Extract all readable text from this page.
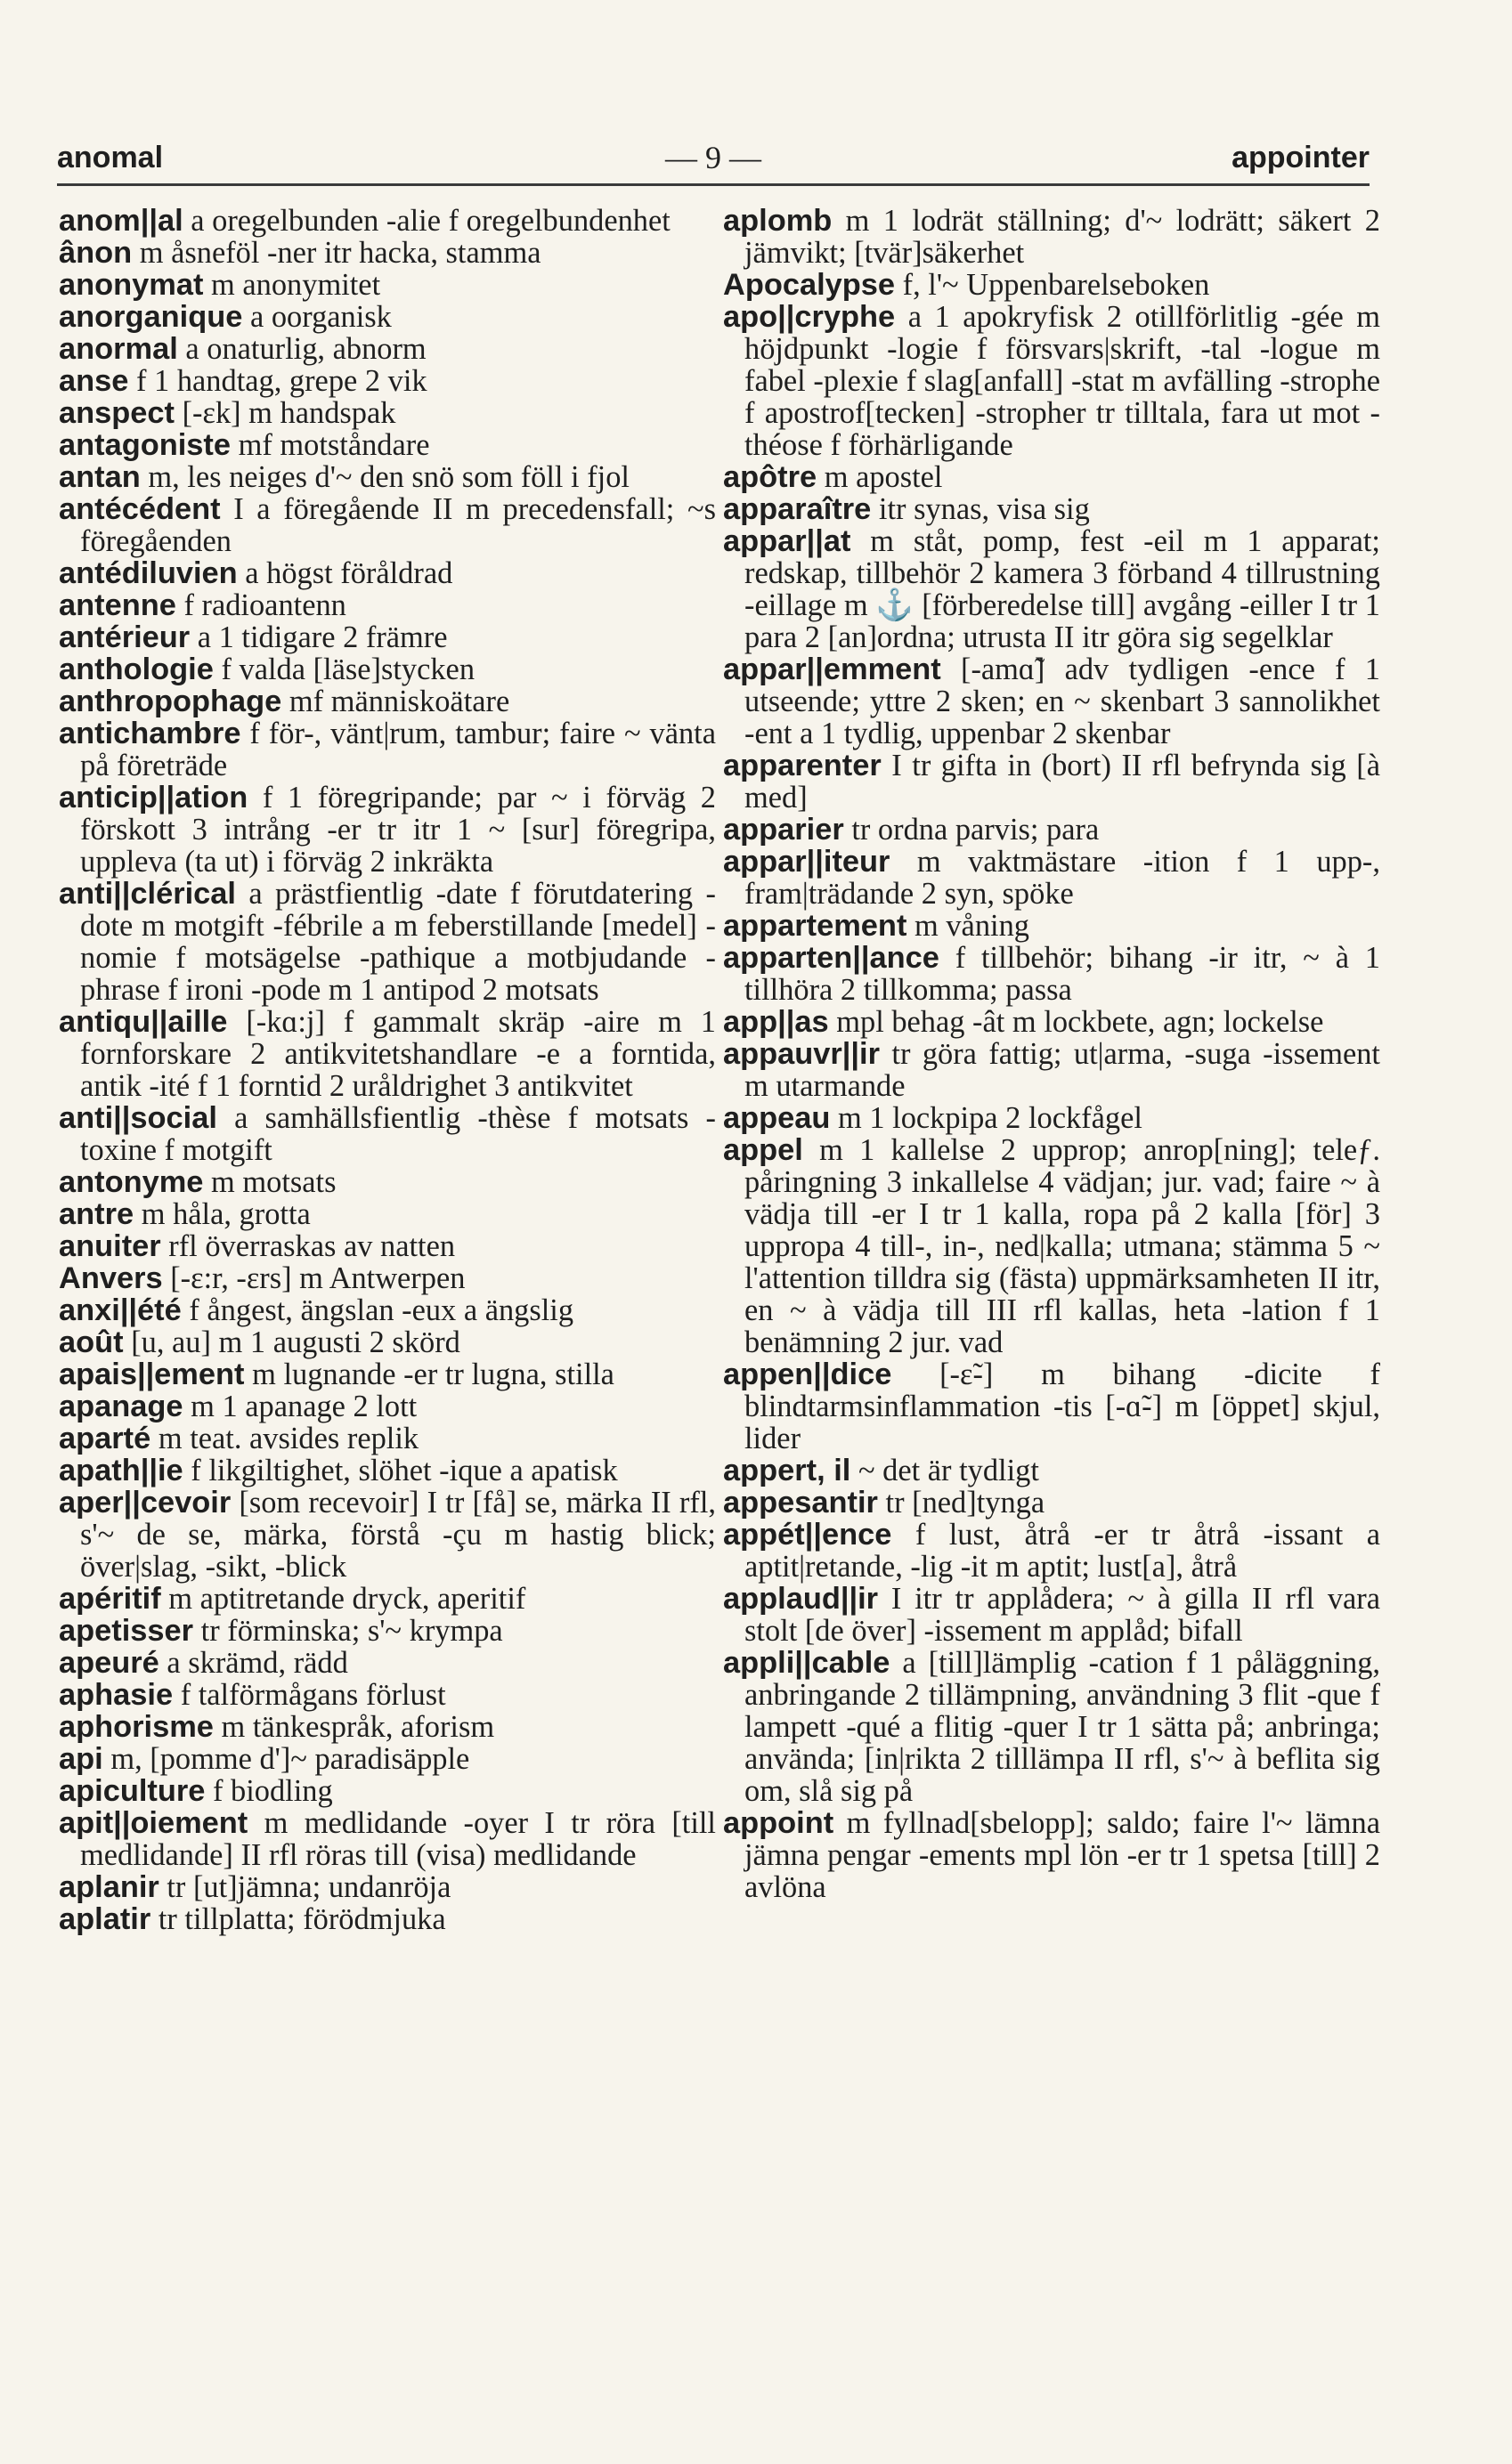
anomal	— 9 —	appointer

anom||al a oregelbunden -alie f oregelbundenhet

ânon m åsneföl -ner itr hacka, stamma

anonymat m anonymitet

anorganique a oorganisk

anormal a onaturlig, abnorm

anse f 1 handtag, grepe 2 vik

anspect [-ɛk] m handspak

antagoniste mf motståndare

antan m, les neiges d'~ den snö som föll i fjol

antécédent I a föregående II m precedensfall; ~s föregåenden

antédiluvien a högst föråldrad

antenne f radioantenn

antérieur a 1 tidigare 2 främre

anthologie f valda [läse]stycken

anthropophage mf människoätare

antichambre f för-, vänt|rum, tambur; faire ~ vänta på företräde

anticip||ation f 1 föregripande; par ~ i förväg 2 förskott 3 intrång -er tr itr 1 ~ [sur] föregripa, uppleva (ta ut) i förväg 2 inkräkta

anti||clérical a prästfientlig -date f förutdatering -dote m motgift -fébrile a m feberstillande [medel] -nomie f motsägelse -pathique a motbjudande -phrase f ironi -pode m 1 antipod 2 motsats

antiqu||aille [-kɑ:j] f gammalt skräp -aire m 1 fornforskare 2 antikvitetshandlare -e a forntida, antik -ité f 1 forntid 2 uråldrighet 3 antikvitet

anti||social a samhällsfientlig -thèse f motsats -toxine f motgift

antonyme m motsats

antre m håla, grotta

anuiter rfl överraskas av natten

Anvers [-ɛ:r, -ɛrs] m Antwerpen

anxi||été f ångest, ängslan -eux a ängslig

août [u, au] m 1 augusti 2 skörd

apais||ement m lugnande -er tr lugna, stilla

apanage m 1 apanage 2 lott

aparté m teat. avsides replik

apath||ie f likgiltighet, slöhet -ique a apatisk

aper||cevoir [som recevoir] I tr [få] se, märka II rfl, s'~ de se, märka, förstå -çu m hastig blick; över|slag, -sikt, -blick

apéritif m aptitretande dryck, aperitif

apetisser tr förminska; s'~ krympa

apeuré a skrämd, rädd

aphasie f talförmågans förlust

aphorisme m tänkespråk, aforism

api m, [pomme d']~ paradisäpple

apiculture f biodling

apit||oiement m medlidande -oyer I tr röra [till medlidande] II rfl röras till (visa) medlidande

aplanir tr [ut]jämna; undanröja

aplatir tr tillplatta; förödmjuka

aplomb m 1 lodrät ställning; d'~ lodrätt; säkert 2 jämvikt; [tvär]säkerhet

Apocalypse f, l'~ Uppenbarelseboken

apo||cryphe a 1 apokryfisk 2 otillförlitlig -gée m höjdpunkt -logie f försvars|skrift, -tal -logue m fabel -plexie f slag[anfall] -stat m avfälling -strophe f apostrof[tecken] -stropher tr tilltala, fara ut mot -théose f förhärligande

apôtre m apostel

apparaître itr synas, visa sig

appar||at m ståt, pomp, fest -eil m 1 apparat; redskap, tillbehör 2 kamera 3 förband 4 tillrustning -eillage m ⚓ [förberedelse till] avgång -eiller I tr 1 para 2 [an]ordna; utrusta II itr göra sig segelklar

appar||emment [-amɑ̃] adv tydligen -ence f 1 utseende; yttre 2 sken; en ~ skenbart 3 sannolikhet -ent a 1 tydlig, uppenbar 2 skenbar

apparenter I tr gifta in (bort) II rfl befrynda sig [à med]

apparier tr ordna parvis; para

appar||iteur m vaktmästare -ition f 1 upp-, fram|trädande 2 syn, spöke

appartement m våning

apparten||ance f tillbehör; bihang -ir itr, ~ à 1 tillhöra 2 tillkomma; passa

app||as mpl behag -ât m lockbete, agn; lockelse

appauvr||ir tr göra fattig; ut|arma, -suga -issement m utarmande

appeau m 1 lockpipa 2 lockfågel

appel m 1 kallelse 2 upprop; anrop[ning]; teleƒ. påringning 3 inkallelse 4 vädjan; jur. vad; faire ~ à vädja till -er I tr 1 kalla, ropa på 2 kalla [för] 3 uppropa 4 till-, in-, ned|kalla; utmana; stämma 5 ~ l'attention tilldra sig (fästa) uppmärksamheten II itr, en ~ à vädja till III rfl kallas, heta -lation f 1 benämning 2 jur. vad

appen||dice [-ɛ̃-] m bihang -dicite f blindtarmsinflammation -tis [-ɑ̃-] m [öppet] skjul, lider

appert, il ~ det är tydligt

appesantir tr [ned]tynga

appét||ence f lust, åtrå -er tr åtrå -issant a aptit|retande, -lig -it m aptit; lust[a], åtrå

applaud||ir I itr tr applådera; ~ à gilla II rfl vara stolt [de över] -issement m applåd; bifall

appli||cable a [till]lämplig -cation f 1 påläggning, anbringande 2 tillämpning, användning 3 flit -que f lampett -qué a flitig -quer I tr 1 sätta på; anbringa; använda; [in|rikta 2 tilllämpa II rfl, s'~ à beflita sig om, slå sig på

appoint m fyllnad[sbelopp]; saldo; faire l'~ lämna jämna pengar -ements mpl lön -er tr 1 spetsa [till] 2 avlöna
